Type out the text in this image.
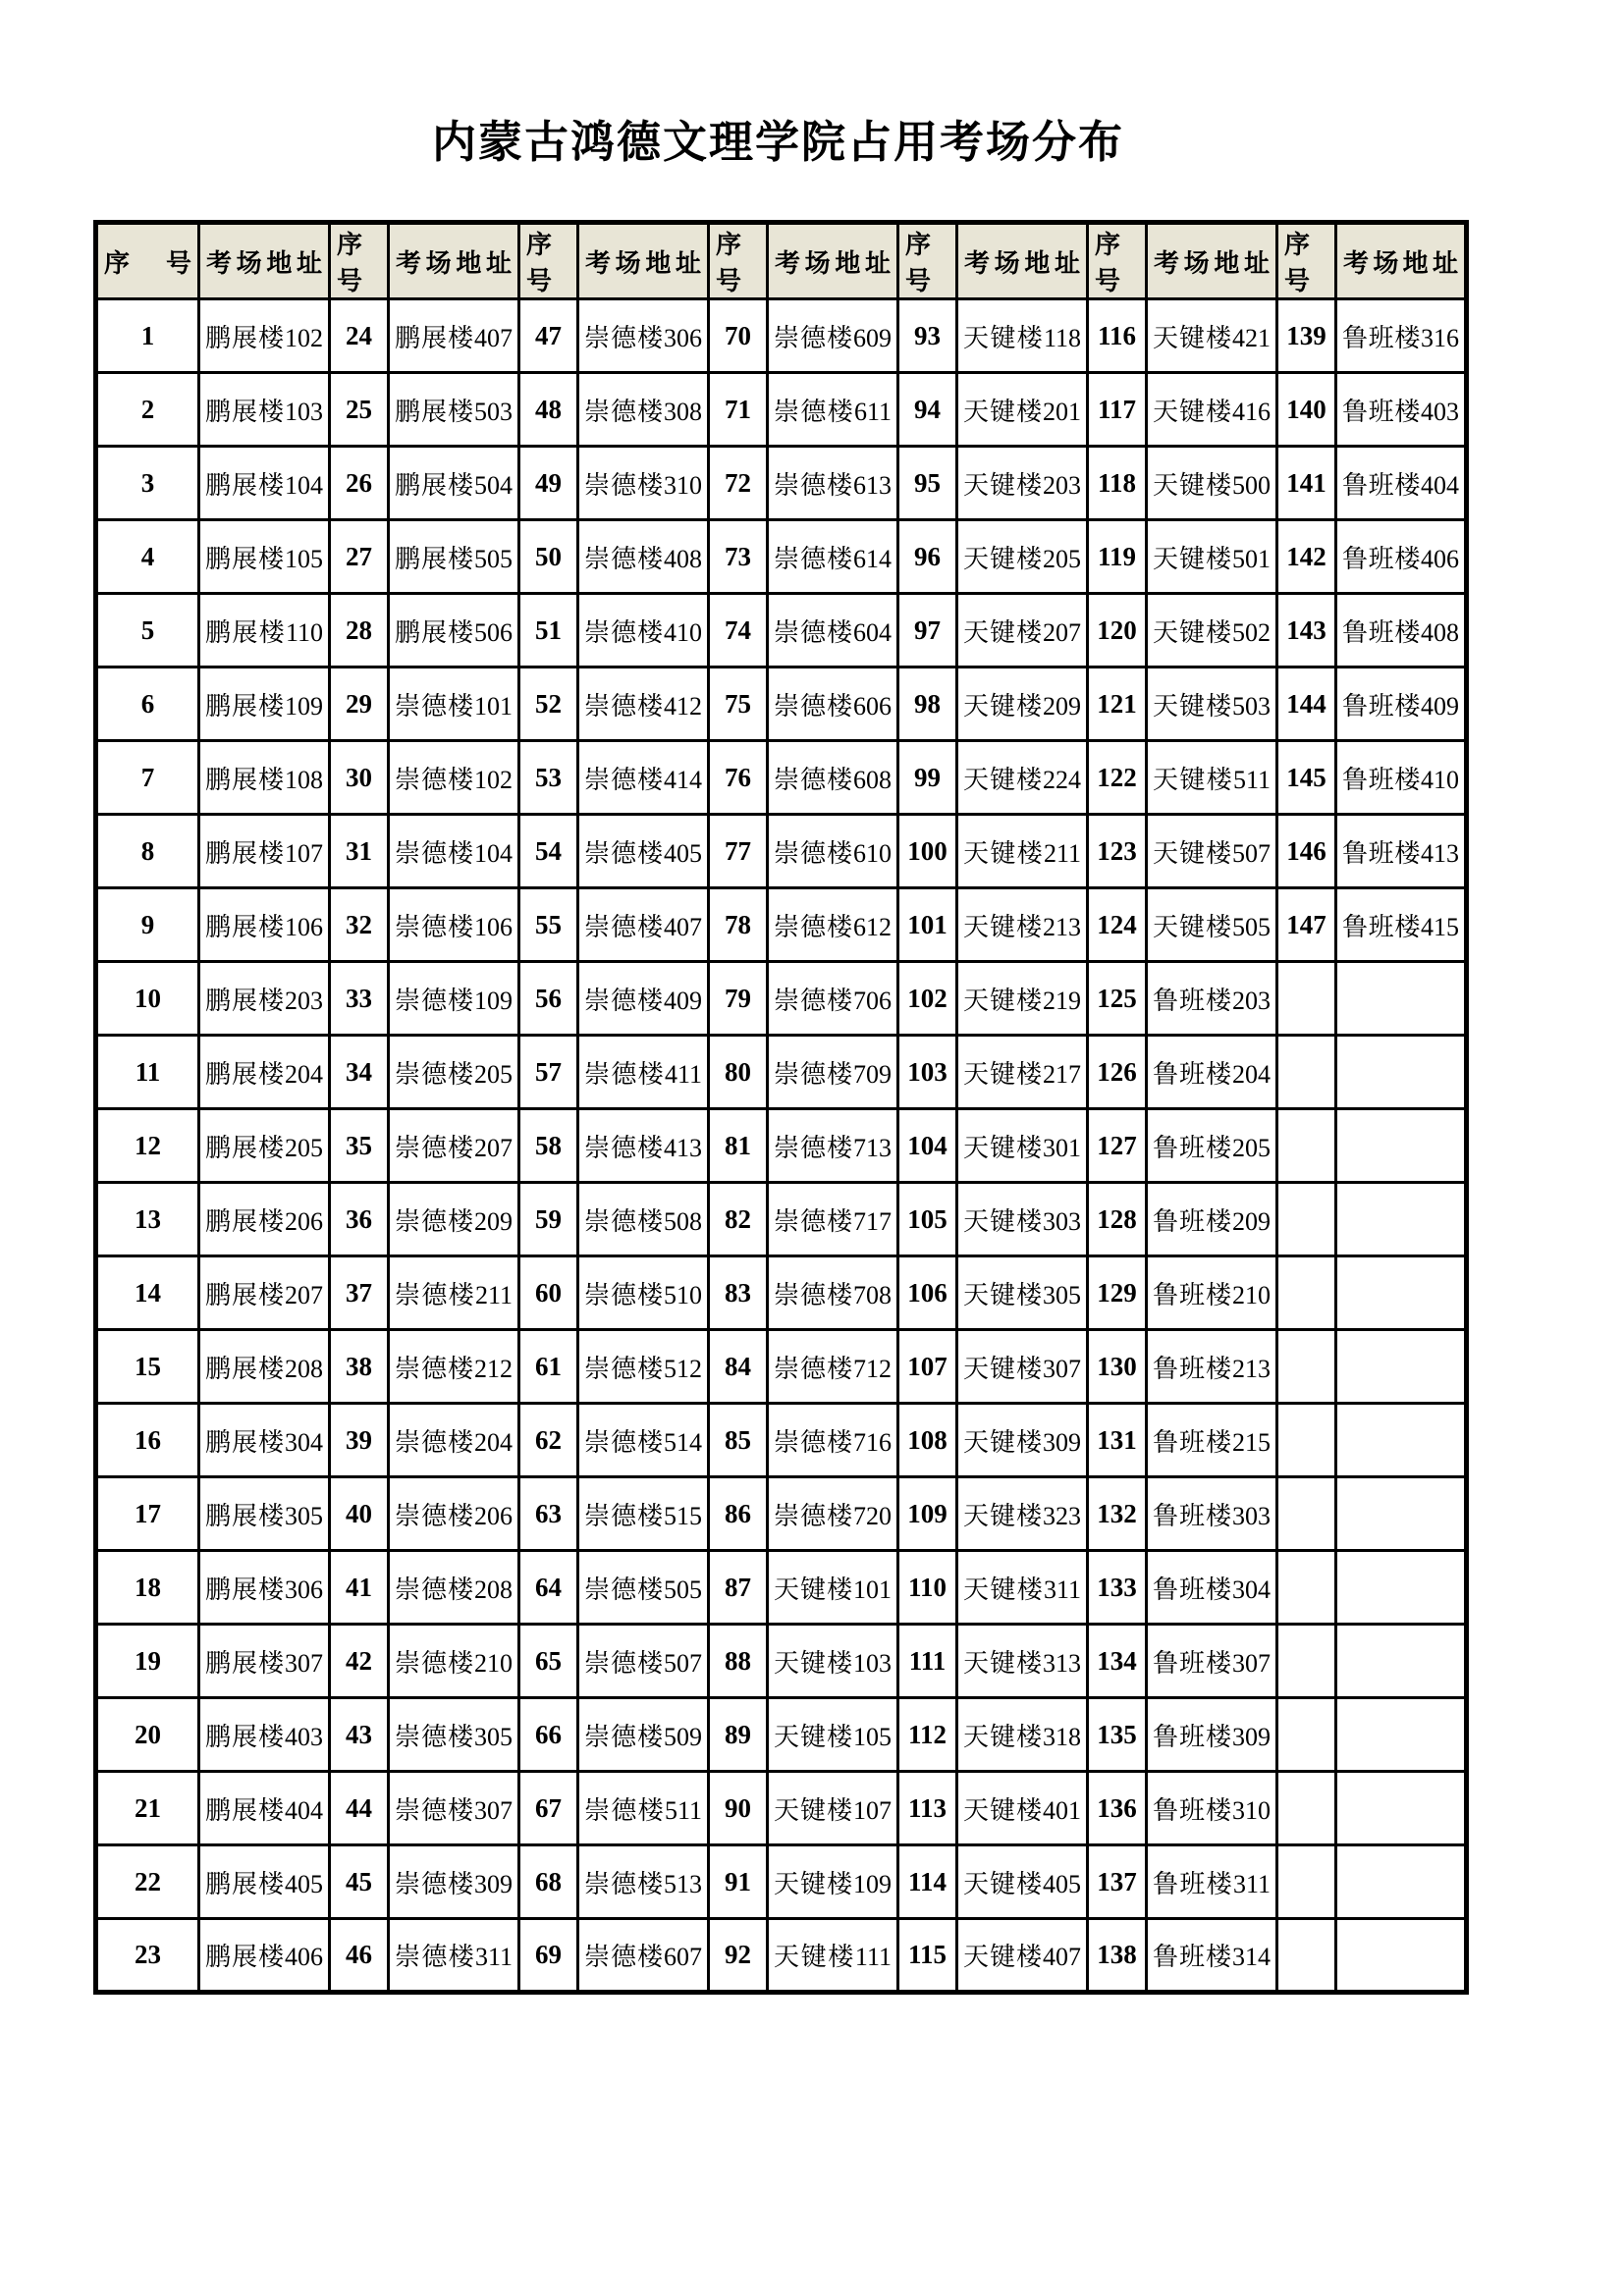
内蒙古鸿德文理学院占用考场分布
序号	考场地址	序号	考场地址	序号	考场地址	序号	考场地址	序号	考场地址	序号	考场地址	序号	考场地址
1	鹏展楼102	24	鹏展楼407	47	崇德楼306	70	崇德楼609	93	天键楼118	116	天键楼421	139	鲁班楼316
2	鹏展楼103	25	鹏展楼503	48	崇德楼308	71	崇德楼611	94	天键楼201	117	天键楼416	140	鲁班楼403
3	鹏展楼104	26	鹏展楼504	49	崇德楼310	72	崇德楼613	95	天键楼203	118	天键楼500	141	鲁班楼404
4	鹏展楼105	27	鹏展楼505	50	崇德楼408	73	崇德楼614	96	天键楼205	119	天键楼501	142	鲁班楼406
5	鹏展楼110	28	鹏展楼506	51	崇德楼410	74	崇德楼604	97	天键楼207	120	天键楼502	143	鲁班楼408
6	鹏展楼109	29	崇德楼101	52	崇德楼412	75	崇德楼606	98	天键楼209	121	天键楼503	144	鲁班楼409
7	鹏展楼108	30	崇德楼102	53	崇德楼414	76	崇德楼608	99	天键楼224	122	天键楼511	145	鲁班楼410
8	鹏展楼107	31	崇德楼104	54	崇德楼405	77	崇德楼610	100	天键楼211	123	天键楼507	146	鲁班楼413
9	鹏展楼106	32	崇德楼106	55	崇德楼407	78	崇德楼612	101	天键楼213	124	天键楼505	147	鲁班楼415
10	鹏展楼203	33	崇德楼109	56	崇德楼409	79	崇德楼706	102	天键楼219	125	鲁班楼203		
11	鹏展楼204	34	崇德楼205	57	崇德楼411	80	崇德楼709	103	天键楼217	126	鲁班楼204		
12	鹏展楼205	35	崇德楼207	58	崇德楼413	81	崇德楼713	104	天键楼301	127	鲁班楼205		
13	鹏展楼206	36	崇德楼209	59	崇德楼508	82	崇德楼717	105	天键楼303	128	鲁班楼209		
14	鹏展楼207	37	崇德楼211	60	崇德楼510	83	崇德楼708	106	天键楼305	129	鲁班楼210		
15	鹏展楼208	38	崇德楼212	61	崇德楼512	84	崇德楼712	107	天键楼307	130	鲁班楼213		
16	鹏展楼304	39	崇德楼204	62	崇德楼514	85	崇德楼716	108	天键楼309	131	鲁班楼215		
17	鹏展楼305	40	崇德楼206	63	崇德楼515	86	崇德楼720	109	天键楼323	132	鲁班楼303		
18	鹏展楼306	41	崇德楼208	64	崇德楼505	87	天键楼101	110	天键楼311	133	鲁班楼304		
19	鹏展楼307	42	崇德楼210	65	崇德楼507	88	天键楼103	111	天键楼313	134	鲁班楼307		
20	鹏展楼403	43	崇德楼305	66	崇德楼509	89	天键楼105	112	天键楼318	135	鲁班楼309		
21	鹏展楼404	44	崇德楼307	67	崇德楼511	90	天键楼107	113	天键楼401	136	鲁班楼310		
22	鹏展楼405	45	崇德楼309	68	崇德楼513	91	天键楼109	114	天键楼405	137	鲁班楼311		
23	鹏展楼406	46	崇德楼311	69	崇德楼607	92	天键楼111	115	天键楼407	138	鲁班楼314		
